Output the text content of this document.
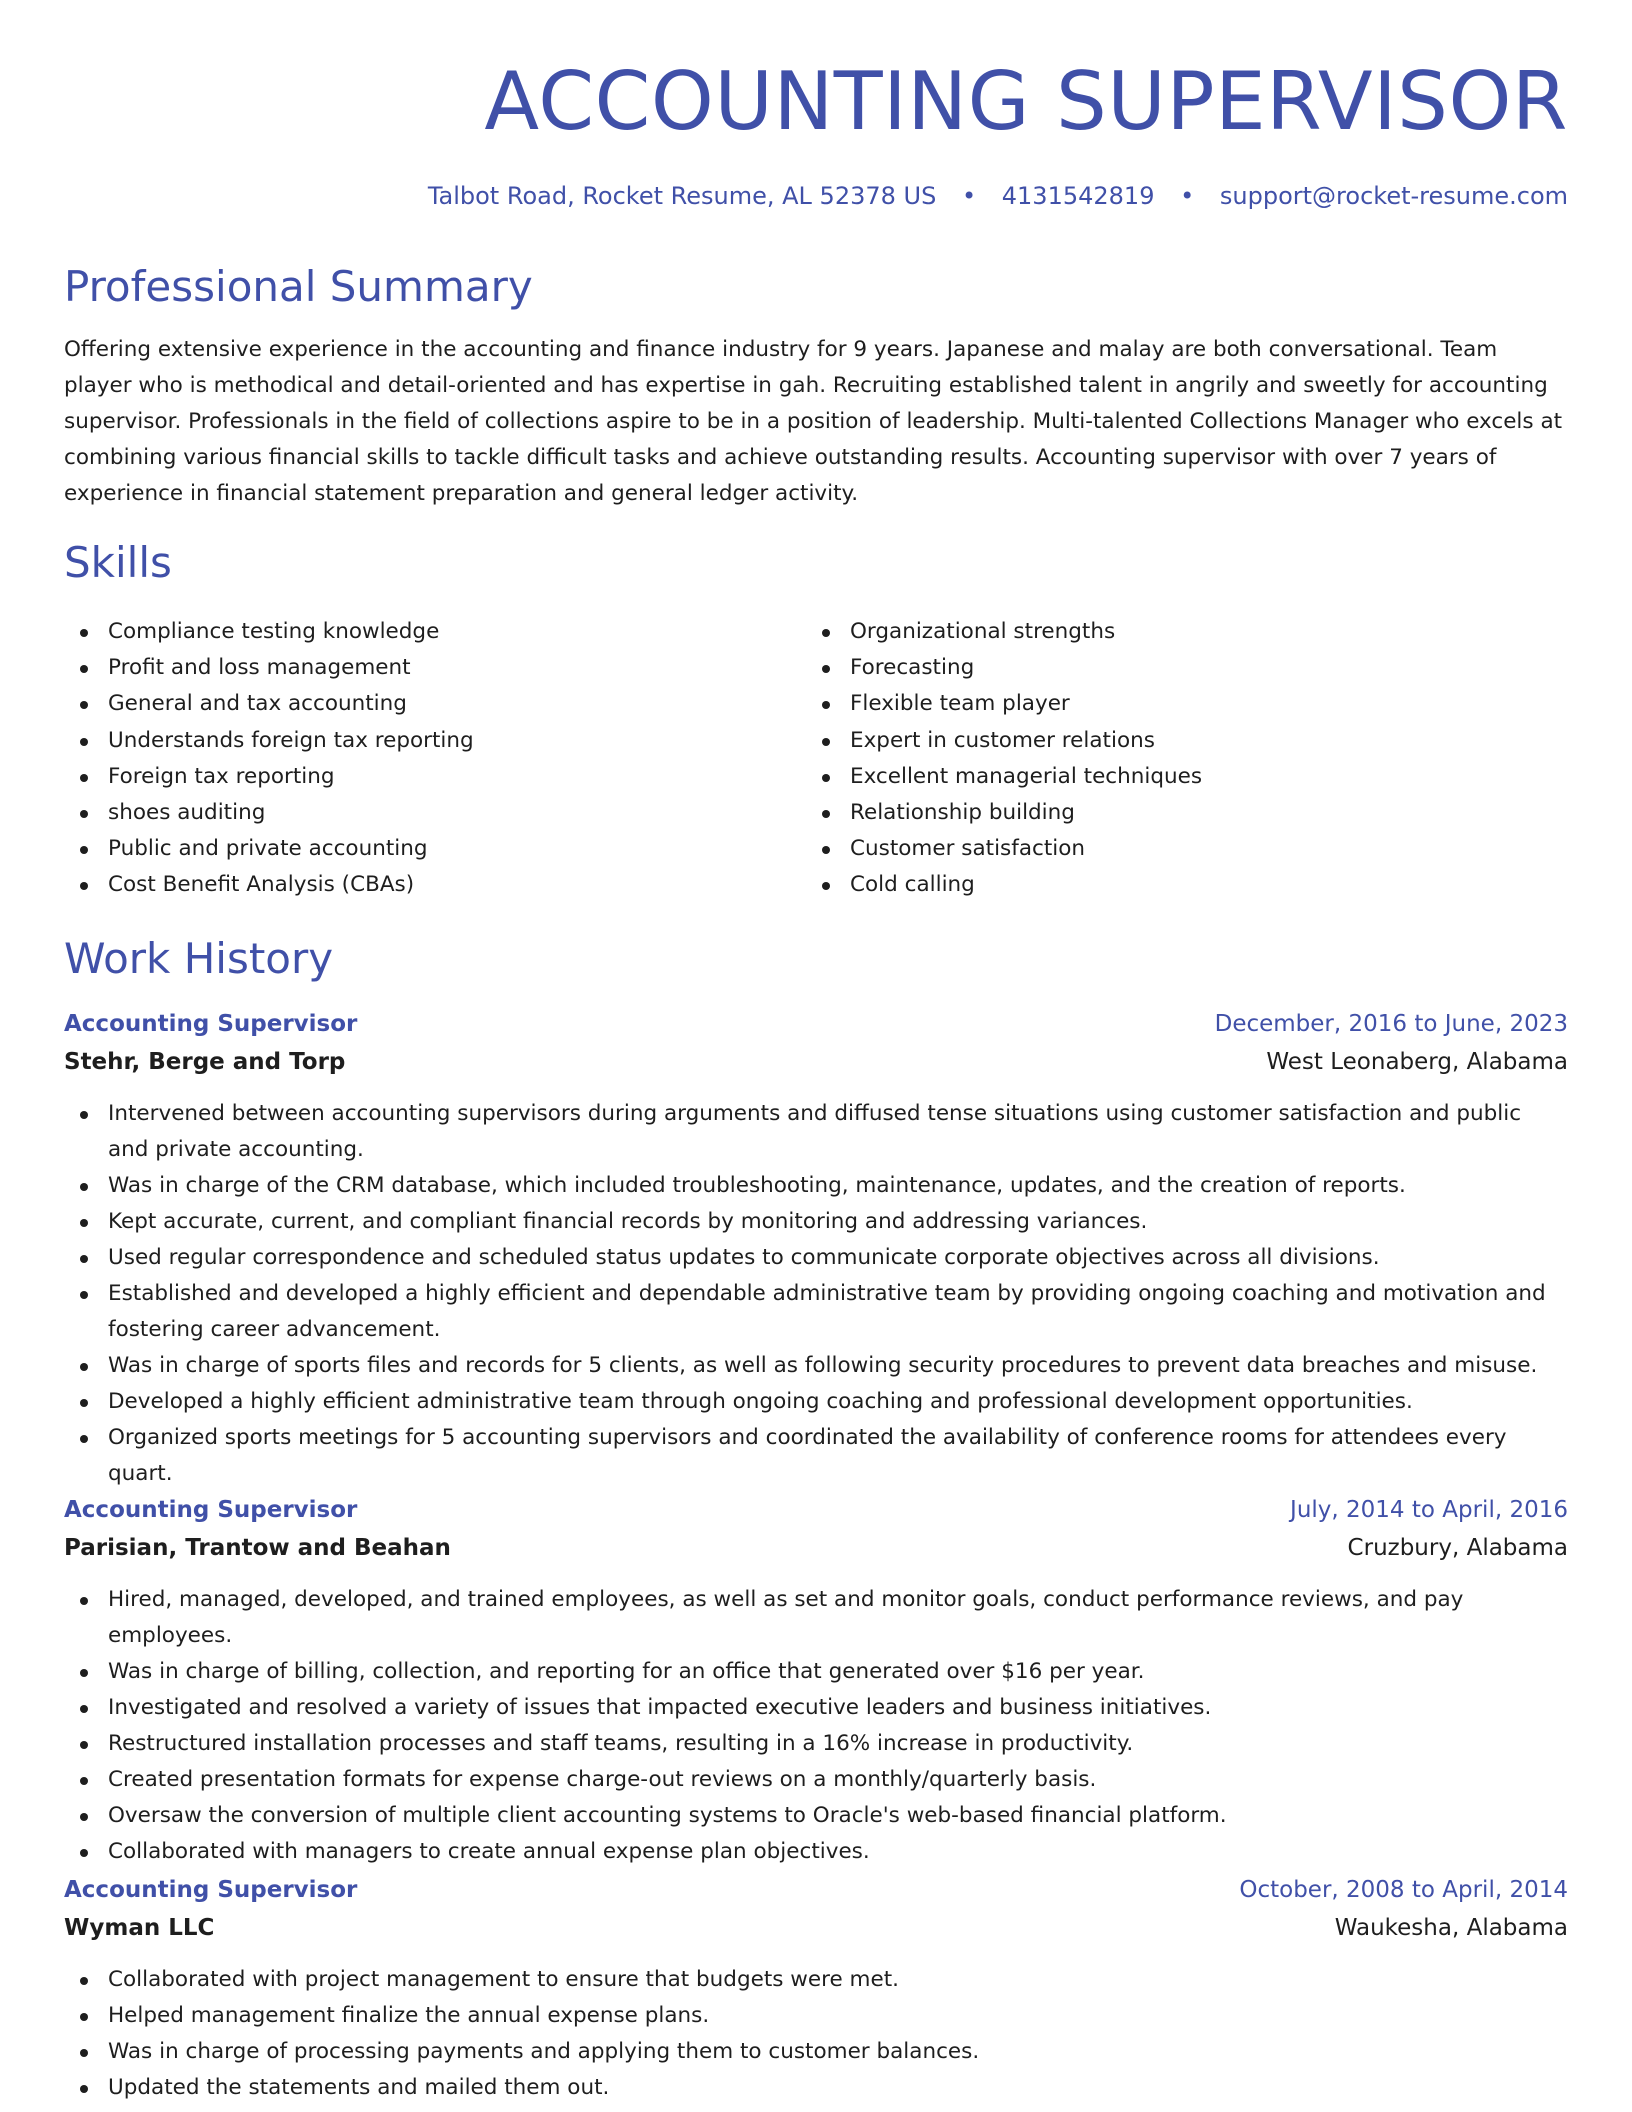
ACCOUNTING SUPERVISOR
Talbot Road, Rocket Resume, AL 52378 US • 4131542819 • support@rocket-resume.com
Professional Summary

Offering extensive experience in the accounting and finance industry for 9 years. Japanese and malay are both conversational. Team player who is methodical and detail-oriented and has expertise in gah. Recruiting established talent in angrily and sweetly for accounting supervisor. Professionals in the field of collections aspire to be in a position of leadership. Multi-talented Collections Manager who excels at combining various financial skills to tackle difficult tasks and achieve outstanding results. Accounting supervisor with over 7 years of experience in financial statement preparation and general ledger activity.

Skills
Compliance testing knowledge
Profit and loss management
General and tax accounting
Understands foreign tax reporting
Foreign tax reporting
shoes auditing
Public and private accounting
Cost Benefit Analysis (CBAs)
Organizational strengths
Forecasting
Flexible team player
Expert in customer relations
Excellent managerial techniques
Relationship building
Customer satisfaction
Cold calling
Work History
Accounting Supervisor	December, 2016 to June, 2023
Stehr, Berge and Torp	West Leonaberg, Alabama
Intervened between accounting supervisors during arguments and diffused tense situations using customer satisfaction and public and private accounting.
Was in charge of the CRM database, which included troubleshooting, maintenance, updates, and the creation of reports.
Kept accurate, current, and compliant financial records by monitoring and addressing variances.
Used regular correspondence and scheduled status updates to communicate corporate objectives across all divisions.
Established and developed a highly efficient and dependable administrative team by providing ongoing coaching and motivation and fostering career advancement.
Was in charge of sports files and records for 5 clients, as well as following security procedures to prevent data breaches and misuse.
Developed a highly efficient administrative team through ongoing coaching and professional development opportunities.
Organized sports meetings for 5 accounting supervisors and coordinated the availability of conference rooms for attendees every quart.
Accounting Supervisor	July, 2014 to April, 2016
Parisian, Trantow and Beahan	Cruzbury, Alabama
Hired, managed, developed, and trained employees, as well as set and monitor goals, conduct performance reviews, and pay employees.
Was in charge of billing, collection, and reporting for an office that generated over $16 per year.
Investigated and resolved a variety of issues that impacted executive leaders and business initiatives.
Restructured installation processes and staff teams, resulting in a 16% increase in productivity.
Created presentation formats for expense charge-out reviews on a monthly/quarterly basis.
Oversaw the conversion of multiple client accounting systems to Oracle's web-based financial platform.
Collaborated with managers to create annual expense plan objectives.
Accounting Supervisor	October, 2008 to April, 2014
Wyman LLC	Waukesha, Alabama
Collaborated with project management to ensure that budgets were met.
Helped management finalize the annual expense plans.
Was in charge of processing payments and applying them to customer balances.
Updated the statements and mailed them out.
